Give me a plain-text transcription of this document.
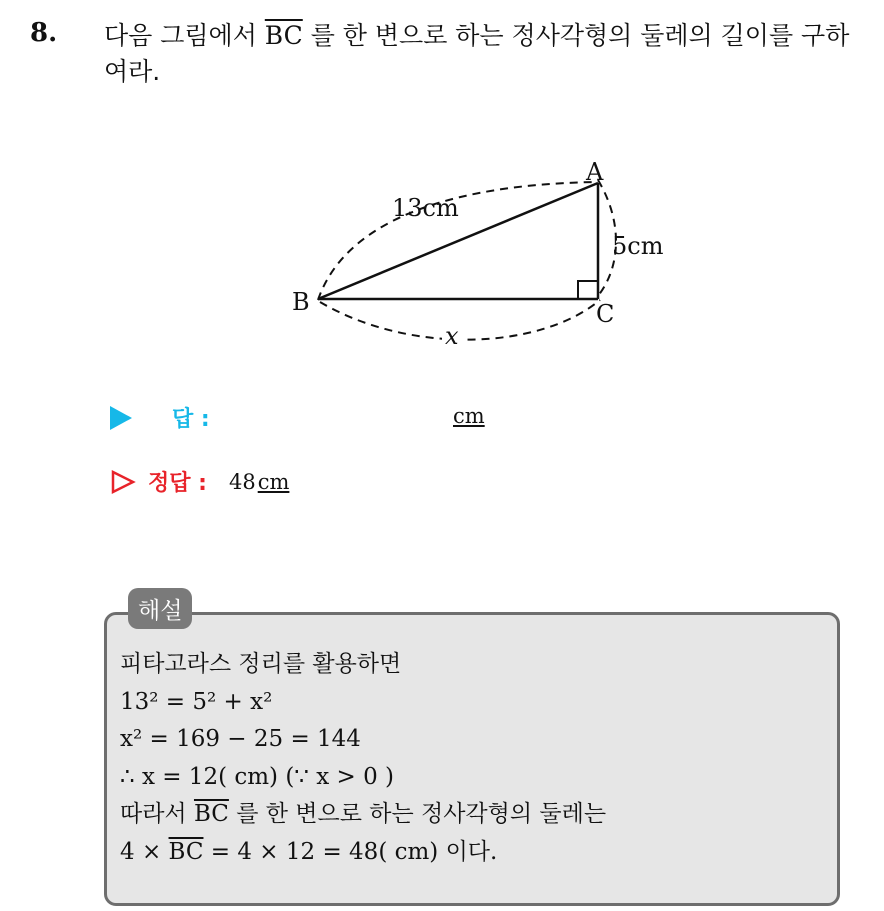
8. 다음 그림에서 $\overline{BC}$ 를 한 변으로 하는 정사각형의 둘레의 길이를 구하여라.
A
B	C
13cm
5cm
x
답 :	cm
정답 : 48cm
해설
피타고라스 정리를 활용하면
13² = 5² + x²
x² = 169 − 25 = 144
∴ x = 12( cm) (∵ x > 0 )
따라서 $\overline{BC}$ 를 한 변으로 하는 정사각형의 둘레는
$4 \times \overline{BC} = 4 \times 12 = 48$( cm) 이다.
